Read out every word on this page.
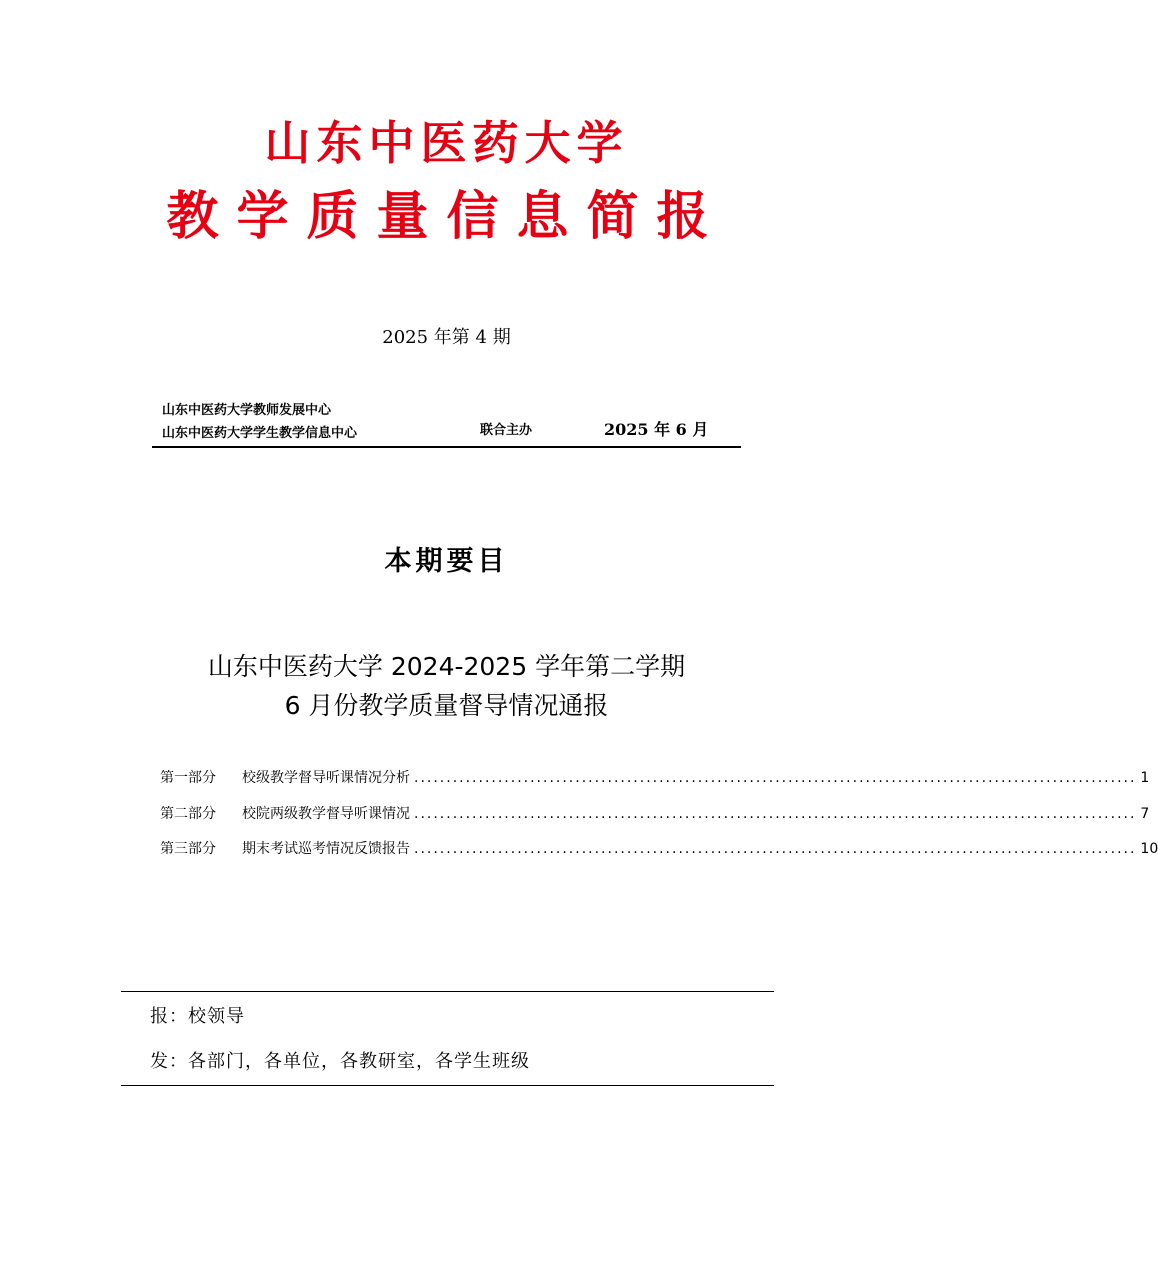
山东中医药大学
教学质量信息简报
2025 年第 4 期
山东中医药大学教师发展中心
山东中医药大学学生教学信息中心	联合主办	2025 年 6 月
本期要目
山东中医药大学 2024-2025 学年第二学期
6 月份教学质量督导情况通报
第一部分	校级教学督导听课情况分析 ................................................................................................................ 1
第二部分	校院两级教学督导听课情况 ................................................................................................................ 7
第三部分	期末考试巡考情况反馈报告 ................................................................................................................ 10
报：校领导
发：各部门，各单位，各教研室，各学生班级
